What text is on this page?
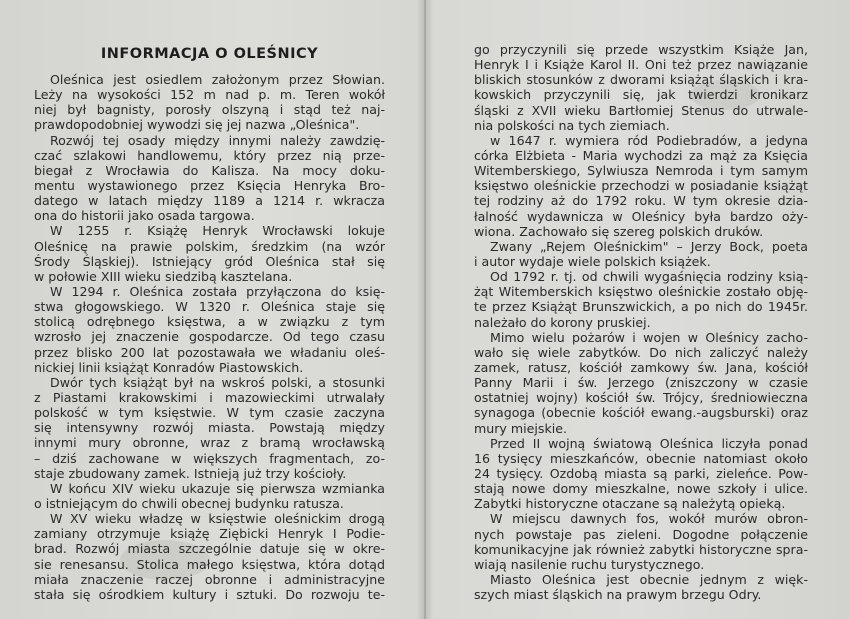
INFORMACJA O OLEŚNICY
Oleśnica jest osiedlem założonym przez Słowian.
Leży na wysokości 152 m nad p. m. Teren wokół
niej był bagnisty, porosły olszyną i stąd też naj-
prawdopodobniej wywodzi się jej nazwa „Oleśnica".
Rozwój tej osady między innymi należy zawdzię-
czać szlakowi handlowemu, który przez nią prze-
biegał z Wrocławia do Kalisza. Na mocy doku-
mentu wystawionego przez Księcia Henryka Bro-
datego w latach między 1189 a 1214 r. wkracza
ona do historii jako osada targowa.
W 1255 r. Książę Henryk Wrocławski lokuje
Oleśnicę na prawie polskim, średzkim (na wzór
Środy Śląskiej). Istniejący gród Oleśnica stał się
w połowie XIII wieku siedzibą kasztelana.
W 1294 r. Oleśnica została przyłączona do księ-
stwa głogowskiego. W 1320 r. Oleśnica staje się
stolicą odrębnego księstwa, a w związku z tym
wzrosło jej znaczenie gospodarcze. Od tego czasu
przez blisko 200 lat pozostawała we władaniu oleś-
nickiej linii książąt Konradów Piastowskich.
Dwór tych książąt był na wskroś polski, a stosunki
z Piastami krakowskimi i mazowieckimi utrwalały
polskość w tym księstwie. W tym czasie zaczyna
się intensywny rozwój miasta. Powstają między
innymi mury obronne, wraz z bramą wrocławską
– dziś zachowane w większych fragmentach, zo-
staje zbudowany zamek. Istnieją już trzy kościoły.
W końcu XIV wieku ukazuje się pierwsza wzmianka
o istniejącym do chwili obecnej budynku ratusza.
W XV wieku władzę w księstwie oleśnickim drogą
zamiany otrzymuje książę Ziębicki Henryk I Podie-
brad. Rozwój miasta szczególnie datuje się w okre-
sie renesansu. Stolica małego księstwa, która dotąd
miała znaczenie raczej obronne i administracyjne
stała się ośrodkiem kultury i sztuki. Do rozwoju te-
go przyczynili się przede wszystkim Książe Jan,
Henryk I i Książe Karol II. Oni też przez nawiązanie
bliskich stosunków z dworami książąt śląskich i kra-
kowskich przyczynili się, jak twierdzi kronikarz
śląski z XVII wieku Bartłomiej Stenus do utrwale-
nia polskości na tych ziemiach.
w 1647 r. wymiera ród Podiebradów, a jedyna
córka Elżbieta - Maria wychodzi za mąż za Księcia
Witemberskiego, Sylwiusza Nemroda i tym samym
księstwo oleśnickie przechodzi w posiadanie książąt
tej rodziny aż do 1792 roku. W tym okresie dzia-
łalność wydawnicza w Oleśnicy była bardzo oży-
wiona. Zachowało się szereg polskich druków.
Zwany „Rejem Oleśnickim" – Jerzy Bock, poeta
i autor wydaje wiele polskich książek.
Od 1792 r. tj. od chwili wygaśnięcia rodziny ksią-
żąt Witemberskich księstwo oleśnickie zostało obję-
te przez Książąt Brunszwickich, a po nich do 1945r.
należało do korony pruskiej.
Mimo wielu pożarów i wojen w Oleśnicy zacho-
wało się wiele zabytków. Do nich zaliczyć należy
zamek, ratusz, kościół zamkowy św. Jana, kościół
Panny Marii i św. Jerzego (zniszczony w czasie
ostatniej wojny) kościół św. Trójcy, średniowieczna
synagoga (obecnie kościół ewang.-augsburski) oraz
mury miejskie.
Przed II wojną światową Oleśnica liczyła ponad
16 tysięcy mieszkańców, obecnie natomiast około
24 tysięcy. Ozdobą miasta są parki, zieleńce. Pow-
stają nowe domy mieszkalne, nowe szkoły i ulice.
Zabytki historyczne otaczane są należytą opieką.
W miejscu dawnych fos, wokół murów obron-
nych powstaje pas zieleni. Dogodne połączenie
komunikacyjne jak również zabytki historyczne spra-
wiają nasilenie ruchu turystycznego.
Miasto Oleśnica jest obecnie jednym z więk-
szych miast śląskich na prawym brzegu Odry.
